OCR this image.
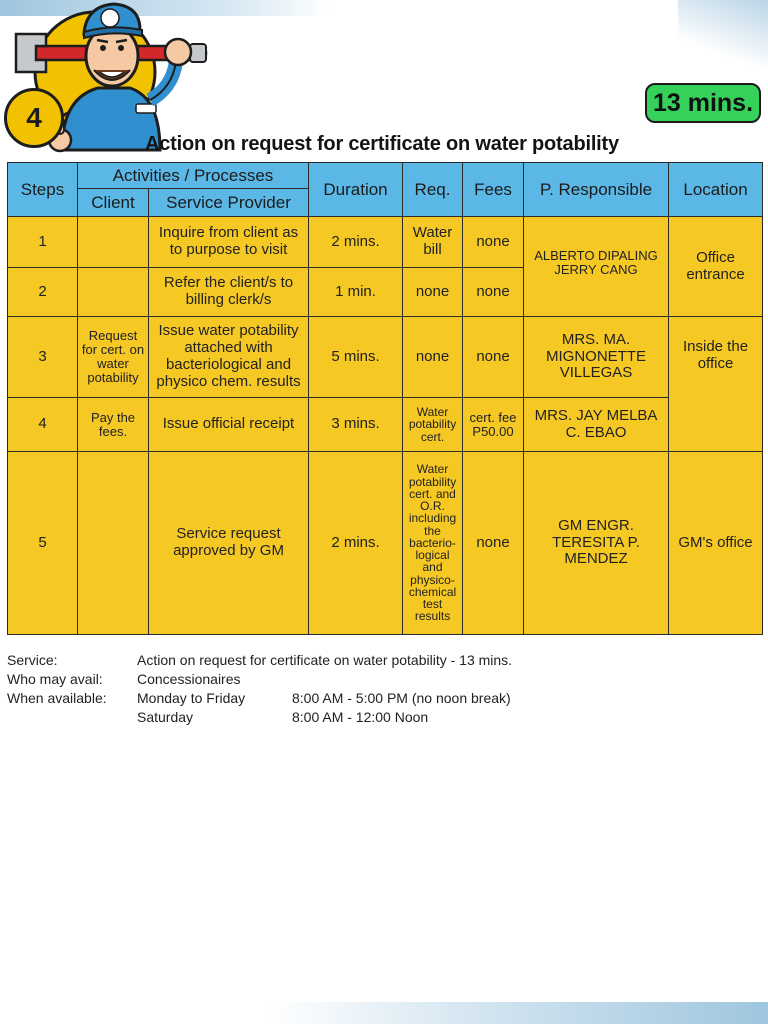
4	13 mins.
Action on request for certificate on water potability
Steps	Activities / Processes		Duration	Req.	Fees	P. Responsible	Location
	Client	Service Provider					
1		Inquire from client as to purpose to visit	2 mins.	Water bill	none	ALBERTO DIPALING JERRY CANG	Office entrance
2		Refer the client/s to billing clerk/s	1 min.	none	none		
3	Request for cert. on water potability	Issue water potability attached with bacteriological and physico chem. results	5 mins.	none	none	MRS. MA. MIGNONETTE VILLEGAS	Inside the office
4	Pay the fees.	Issue official receipt	3 mins.	Water potability cert.	cert. fee P50.00	MRS. JAY MELBA C. EBAO	
5		Service request approved by GM	2 mins.	Water potability cert. and O.R. including the bacterio- logical and physico- chemical test results	none	GM ENGR. TERESITA P. MENDEZ	GM's office
Service:	Action on request for certificate on water potability - 13 mins.
Who may avail:	Concessionaires
When available:	Monday to Friday	8:00 AM - 5:00 PM (no noon break)
Saturday	8:00 AM - 12:00 Noon
